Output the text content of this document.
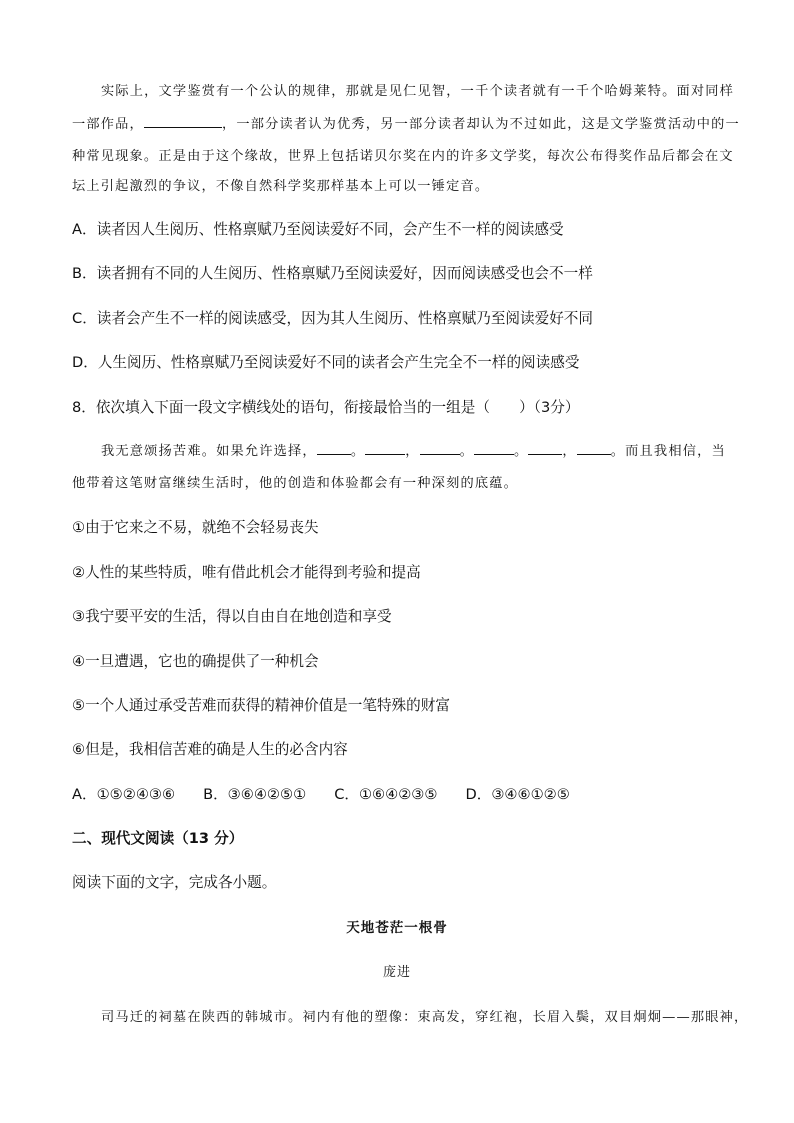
实际上，文学鉴赏有一个公认的规律，那就是见仁见智，一千个读者就有一千个哈姆莱特。面对同样
一部作品，	，一部分读者认为优秀，另一部分读者却认为不过如此，这是文学鉴赏活动中的一
种常见现象。正是由于这个缘故，世界上包括诺贝尔奖在内的许多文学奖，每次公布得奖作品后都会在文
坛上引起激烈的争议，不像自然科学奖那样基本上可以一锤定音。
A．读者因人生阅历、性格禀赋乃至阅读爱好不同，会产生不一样的阅读感受
B．读者拥有不同的人生阅历、性格禀赋乃至阅读爱好，因而阅读感受也会不一样
C．读者会产生不一样的阅读感受，因为其人生阅历、性格禀赋乃至阅读爱好不同
D．人生阅历、性格禀赋乃至阅读爱好不同的读者会产生完全不一样的阅读感受
8．依次填入下面一段文字横线处的语句，衔接最恰当的一组是（　　）（3分）
我无意颂扬苦难。如果允许选择，	。	，	。	。	，	。而且我相信，当
他带着这笔财富继续生活时，他的创造和体验都会有一种深刻的底蕴。
①由于它来之不易，就绝不会轻易丧失
②人性的某些特质，唯有借此机会才能得到考验和提高
③我宁要平安的生活，得以自由自在地创造和享受
④一旦遭遇，它也的确提供了一种机会
⑤一个人通过承受苦难而获得的精神价值是一笔特殊的财富
⑥但是，我相信苦难的确是人生的必含内容
A．①⑤②④③⑥ B．③⑥④②⑤① C．①⑥④②③⑤ D．③④⑥①②⑤
二、现代文阅读（13 分）
阅读下面的文字，完成各小题。
天地苍茫一根骨
庞进
司马迁的祠墓在陕西的韩城市。祠内有他的塑像：束高发，穿红袍，长眉入鬓，双目炯炯——那眼神，
